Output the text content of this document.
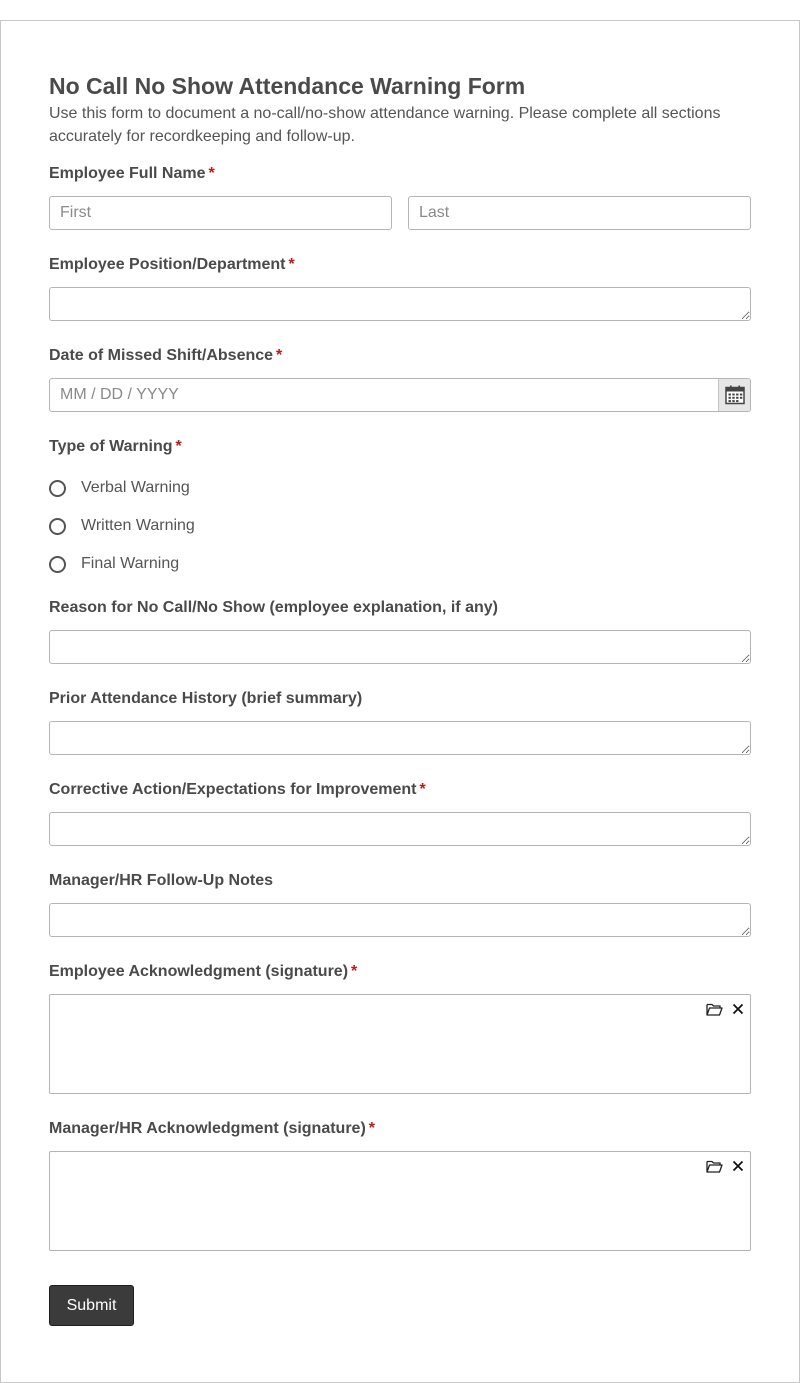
No Call No Show Attendance Warning Form

Use this form to document a no-call/no-show attendance warning. Please complete all sections accurately for recordkeeping and follow-up.

Employee Full Name *
First
Last
Employee Position/Department *
Date of Missed Shift/Absence *
MM / DD / YYYY
Type of Warning *
Verbal Warning
Written Warning
Final Warning
Reason for No Call/No Show (employee explanation, if any)
Prior Attendance History (brief summary)
Corrective Action/Expectations for Improvement *
Manager/HR Follow-Up Notes
Employee Acknowledgment (signature) *
Manager/HR Acknowledgment (signature) *
Submit
